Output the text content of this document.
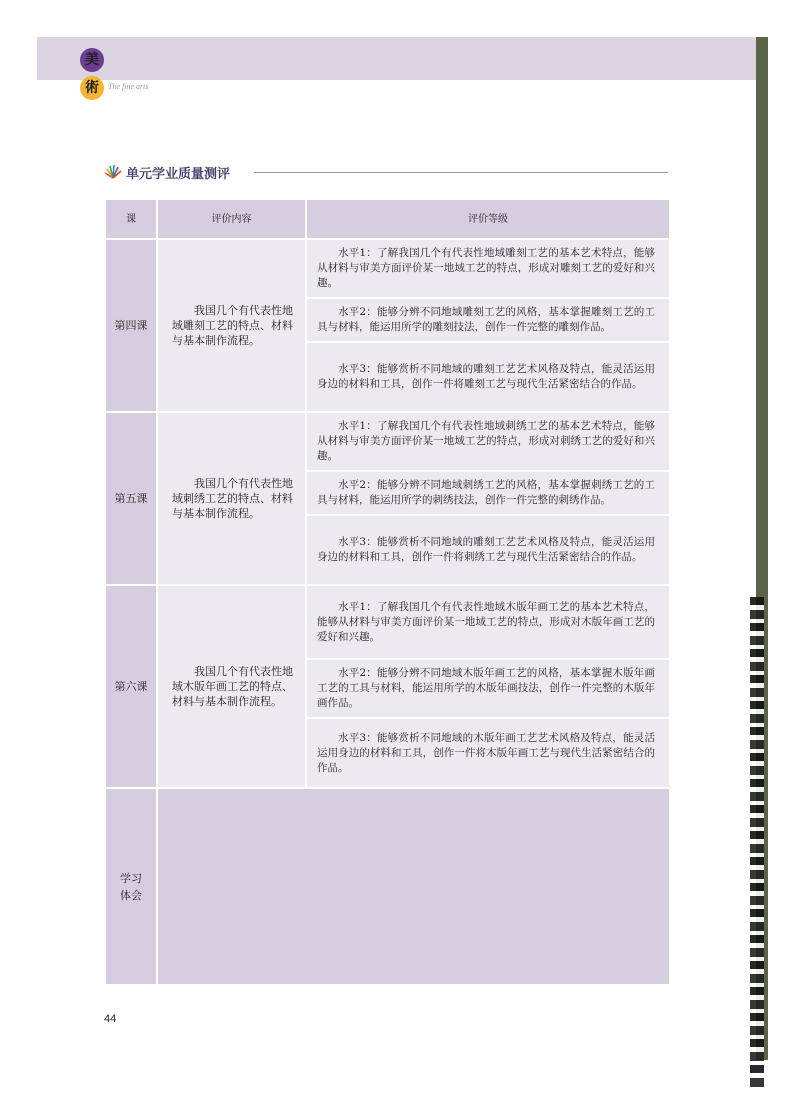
美
術	The fine arts
单元学业质量测评
课	评价内容	评价等级
第四课	我国几个有代表性地域雕刻工艺的特点、材料与基本制作流程。	水平1：了解我国几个有代表性地域雕刻工艺的基本艺术特点，能够从材料与审美方面评价某一地域工艺的特点，形成对雕刻工艺的爱好和兴趣。

		水平2：能够分辨不同地域雕刻工艺的风格，基本掌握雕刻工艺的工具与材料，能运用所学的雕刻技法，创作一件完整的雕刻作品。

		水平3：能够赏析不同地域的雕刻工艺艺术风格及特点，能灵活运用身边的材料和工具，创作一件将雕刻工艺与现代生活紧密结合的作品。

第五课	我国几个有代表性地域刺绣工艺的特点、材料与基本制作流程。	水平1：了解我国几个有代表性地域刺绣工艺的基本艺术特点，能够从材料与审美方面评价某一地域工艺的特点，形成对刺绣工艺的爱好和兴趣。

		水平2：能够分辨不同地域刺绣工艺的风格，基本掌握刺绣工艺的工具与材料，能运用所学的刺绣技法，创作一件完整的刺绣作品。

		水平3：能够赏析不同地域的雕刻工艺艺术风格及特点，能灵活运用身边的材料和工具，创作一件将刺绣工艺与现代生活紧密结合的作品。

第六课	我国几个有代表性地域木版年画工艺的特点、材料与基本制作流程。	水平1：了解我国几个有代表性地域木版年画工艺的基本艺术特点，能够从材料与审美方面评价某一地域工艺的特点，形成对木版年画工艺的爱好和兴趣。

		水平2：能够分辨不同地域木版年画工艺的风格，基本掌握木版年画工艺的工具与材料，能运用所学的木版年画技法，创作一件完整的木版年画作品。

		水平3：能够赏析不同地域的木版年画工艺艺术风格及特点，能灵活运用身边的材料和工具，创作一件将木版年画工艺与现代生活紧密结合的作品。

学习体会		

44
